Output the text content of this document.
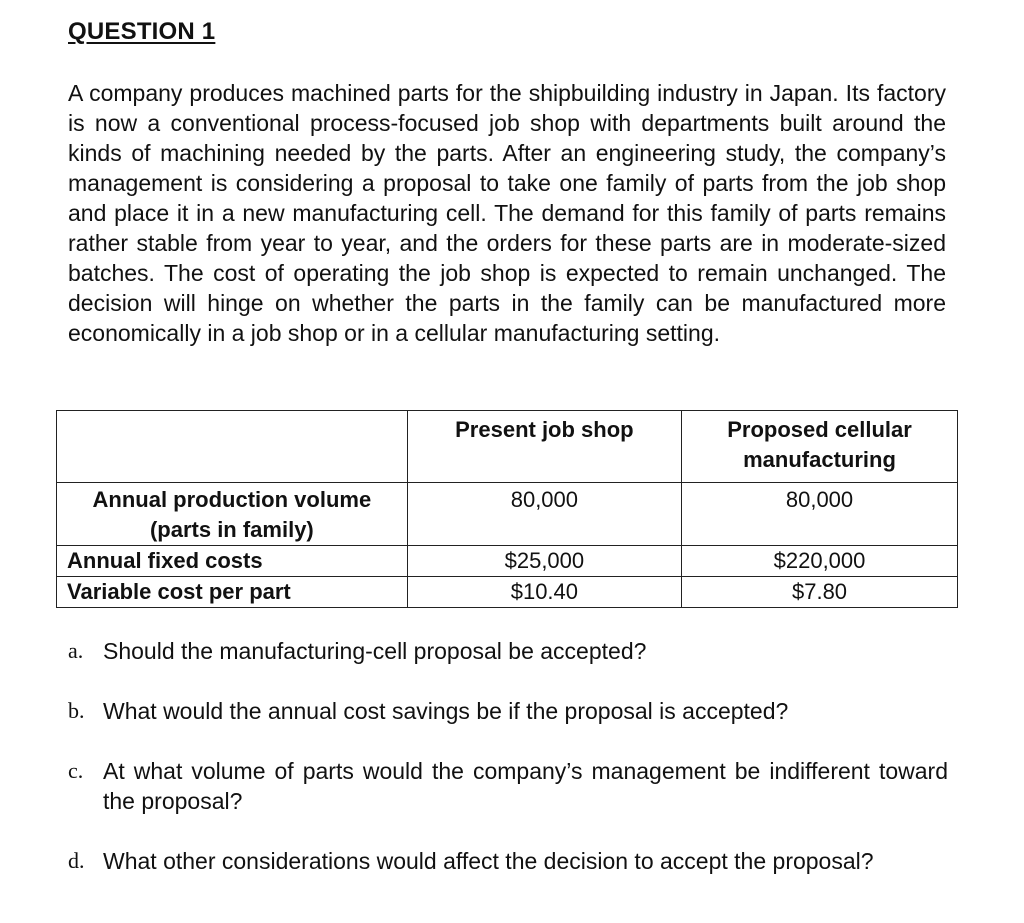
QUESTION 1
A company produces machined parts for the shipbuilding industry in Japan. Its factory is now a conventional process-focused job shop with departments built around the kinds of machining needed by the parts. After an engineering study, the company’s management is considering a proposal to take one family of parts from the job shop and place it in a new manufacturing cell. The demand for this family of parts remains rather stable from year to year, and the orders for these parts are in moderate-sized batches. The cost of operating the job shop is expected to remain unchanged. The decision will hinge on whether the parts in the family can be manufactured more economically in a job shop or in a cellular manufacturing setting.
	Present job shop	Proposed cellular manufacturing

Annual production volume (parts in family)	80,000	80,000
Annual fixed costs	$25,000	$220,000
Variable cost per part	$10.40	$7.80
a. Should the manufacturing-cell proposal be accepted?
b. What would the annual cost savings be if the proposal is accepted?
c. At what volume of parts would the company’s management be indifferent toward the proposal?
d. What other considerations would affect the decision to accept the proposal?
